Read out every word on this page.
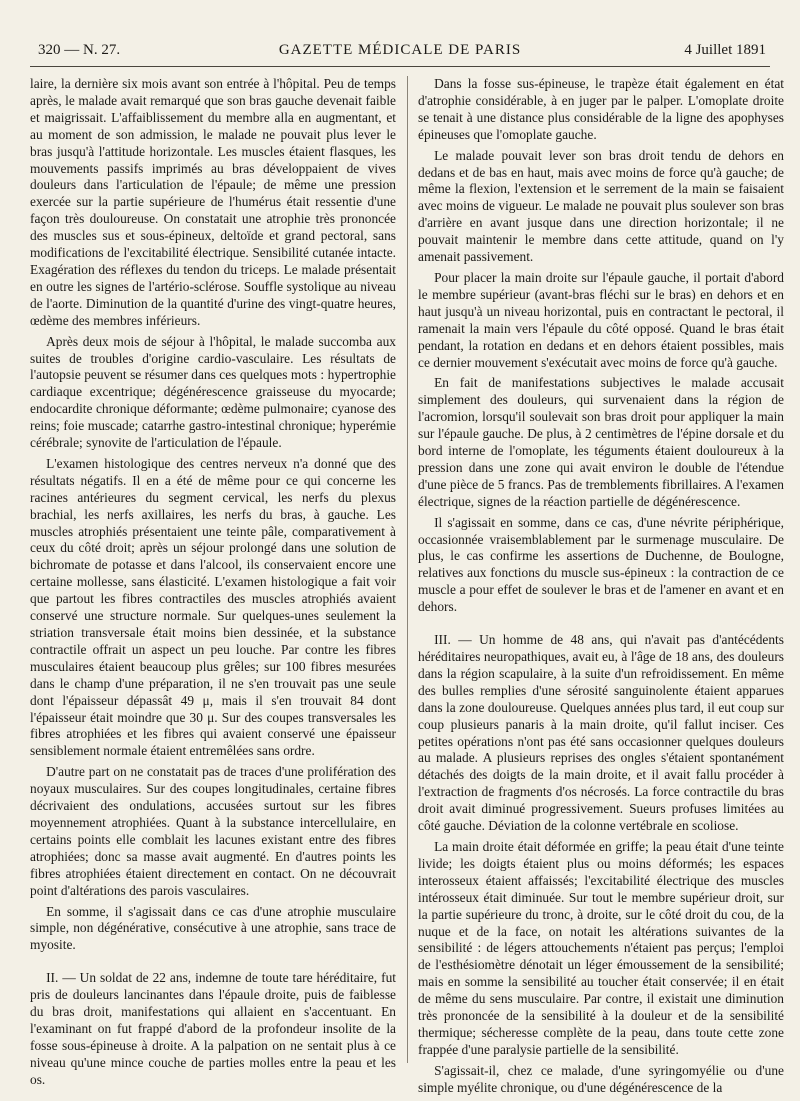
320 — N. 27.	GAZETTE MÉDICALE DE PARIS	4 Juillet 1891

laire, la dernière six mois avant son entrée à l'hôpital. Peu de temps après, le malade avait remarqué que son bras gauche devenait faible et maigrissait. L'affaiblissement du membre alla en augmentant, et au moment de son admission, le malade ne pouvait plus lever le bras jusqu'à l'attitude horizontale. Les muscles étaient flasques, les mouvements passifs imprimés au bras développaient de vives douleurs dans l'articulation de l'épaule; de même une pression exercée sur la partie supérieure de l'humérus était ressentie d'une façon très douloureuse. On constatait une atrophie très prononcée des muscles sus et sous-épineux, deltoïde et grand pectoral, sans modifications de l'excitabilité électrique. Sensibilité cutanée intacte. Exagération des réflexes du tendon du triceps. Le malade présentait en outre les signes de l'artério-sclérose. Souffle systolique au niveau de l'aorte. Diminution de la quantité d'urine des vingt-quatre heures, œdème des membres inférieurs.

Après deux mois de séjour à l'hôpital, le malade succomba aux suites de troubles d'origine cardio-vasculaire. Les résultats de l'autopsie peuvent se résumer dans ces quelques mots : hypertrophie cardiaque excentrique; dégénérescence graisseuse du myocarde; endocardite chronique déformante; œdème pulmonaire; cyanose des reins; foie muscade; catarrhe gastro-intestinal chronique; hyperémie cérébrale; synovite de l'articulation de l'épaule.

L'examen histologique des centres nerveux n'a donné que des résultats négatifs. Il en a été de même pour ce qui concerne les racines antérieures du segment cervical, les nerfs du plexus brachial, les nerfs axillaires, les nerfs du bras, à gauche. Les muscles atrophiés présentaient une teinte pâle, comparativement à ceux du côté droit; après un séjour prolongé dans une solution de bichromate de potasse et dans l'alcool, ils conservaient encore une certaine mollesse, sans élasticité. L'examen histologique a fait voir que partout les fibres contractiles des muscles atrophiés avaient conservé une structure normale. Sur quelques-unes seulement la striation transversale était moins bien dessinée, et la substance contractile offrait un aspect un peu louche. Par contre les fibres musculaires étaient beaucoup plus grêles; sur 100 fibres mesurées dans le champ d'une préparation, il ne s'en trouvait pas une seule dont l'épaisseur dépassât 49 μ, mais il s'en trouvait 84 dont l'épaisseur était moindre que 30 μ. Sur des coupes transversales les fibres atrophiées et les fibres qui avaient conservé une épaisseur sensiblement normale étaient entremêlées sans ordre.

D'autre part on ne constatait pas de traces d'une prolifération des noyaux musculaires. Sur des coupes longitudinales, certaine fibres décrivaient des ondulations, accusées surtout sur les fibres moyennement atrophiées. Quant à la substance intercellulaire, en certains points elle comblait les lacunes existant entre des fibres atrophiées; donc sa masse avait augmenté. En d'autres points les fibres atrophiées étaient directement en contact. On ne découvrait point d'altérations des parois vasculaires.

En somme, il s'agissait dans ce cas d'une atrophie musculaire simple, non dégénérative, consécutive à une atrophie, sans trace de myosite.

II. — Un soldat de 22 ans, indemne de toute tare héréditaire, fut pris de douleurs lancinantes dans l'épaule droite, puis de faiblesse du bras droit, manifestations qui allaient en s'accentuant. En l'examinant on fut frappé d'abord de la profondeur insolite de la fosse sous-épineuse à droite. A la palpation on ne sentait plus à ce niveau qu'une mince couche de parties molles entre la peau et les os.

Dans la fosse sus-épineuse, le trapèze était également en état d'atrophie considérable, à en juger par le palper. L'omoplate droite se tenait à une distance plus considérable de la ligne des apophyses épineuses que l'omoplate gauche.

Le malade pouvait lever son bras droit tendu de dehors en dedans et de bas en haut, mais avec moins de force qu'à gauche; de même la flexion, l'extension et le serrement de la main se faisaient avec moins de vigueur. Le malade ne pouvait plus soulever son bras d'arrière en avant jusque dans une direction horizontale; il ne pouvait maintenir le membre dans cette attitude, quand on l'y amenait passivement.

Pour placer la main droite sur l'épaule gauche, il portait d'abord le membre supérieur (avant-bras fléchi sur le bras) en dehors et en haut jusqu'à un niveau horizontal, puis en contractant le pectoral, il ramenait la main vers l'épaule du côté opposé. Quand le bras était pendant, la rotation en dedans et en dehors étaient possibles, mais ce dernier mouvement s'exécutait avec moins de force qu'à gauche.

En fait de manifestations subjectives le malade accusait simplement des douleurs, qui survenaient dans la région de l'acromion, lorsqu'il soulevait son bras droit pour appliquer la main sur l'épaule gauche. De plus, à 2 centimètres de l'épine dorsale et du bord interne de l'omoplate, les téguments étaient douloureux à la pression dans une zone qui avait environ le double de l'étendue d'une pièce de 5 francs. Pas de tremblements fibrillaires. A l'examen électrique, signes de la réaction partielle de dégénérescence.

Il s'agissait en somme, dans ce cas, d'une névrite périphérique, occasionnée vraisemblablement par le surmenage musculaire. De plus, le cas confirme les assertions de Duchenne, de Boulogne, relatives aux fonctions du muscle sus-épineux : la contraction de ce muscle a pour effet de soulever le bras et de l'amener en avant et en dehors.

III. — Un homme de 48 ans, qui n'avait pas d'antécédents héréditaires neuropathiques, avait eu, à l'âge de 18 ans, des douleurs dans la région scapulaire, à la suite d'un refroidissement. En même des bulles remplies d'une sérosité sanguinolente étaient apparues dans la zone douloureuse. Quelques années plus tard, il eut coup sur coup plusieurs panaris à la main droite, qu'il fallut inciser. Ces petites opérations n'ont pas été sans occasionner quelques douleurs au malade. A plusieurs reprises des ongles s'étaient spontanément détachés des doigts de la main droite, et il avait fallu procéder à l'extraction de fragments d'os nécrosés. La force contractile du bras droit avait diminué progressivement. Sueurs profuses limitées au côté gauche. Déviation de la colonne vertébrale en scoliose.

La main droite était déformée en griffe; la peau était d'une teinte livide; les doigts étaient plus ou moins déformés; les espaces interosseux étaient affaissés; l'excitabilité électrique des muscles intérosseux était diminuée. Sur tout le membre supérieur droit, sur la partie supérieure du tronc, à droite, sur le côté droit du cou, de la nuque et de la face, on notait les altérations suivantes de la sensibilité : de légers attouchements n'étaient pas perçus; l'emploi de l'esthésiomètre dénotait un léger émoussement de la sensibilité; mais en somme la sensibilité au toucher était conservée; il en était de même du sens musculaire. Par contre, il existait une diminution très prononcée de la sensibilité à la douleur et de la sensibilité thermique; sécheresse complète de la peau, dans toute cette zone frappée d'une paralysie partielle de la sensibilité.

S'agissait-il, chez ce malade, d'une syringomyélie ou d'une simple myélite chronique, ou d'une dégénérescence de la
